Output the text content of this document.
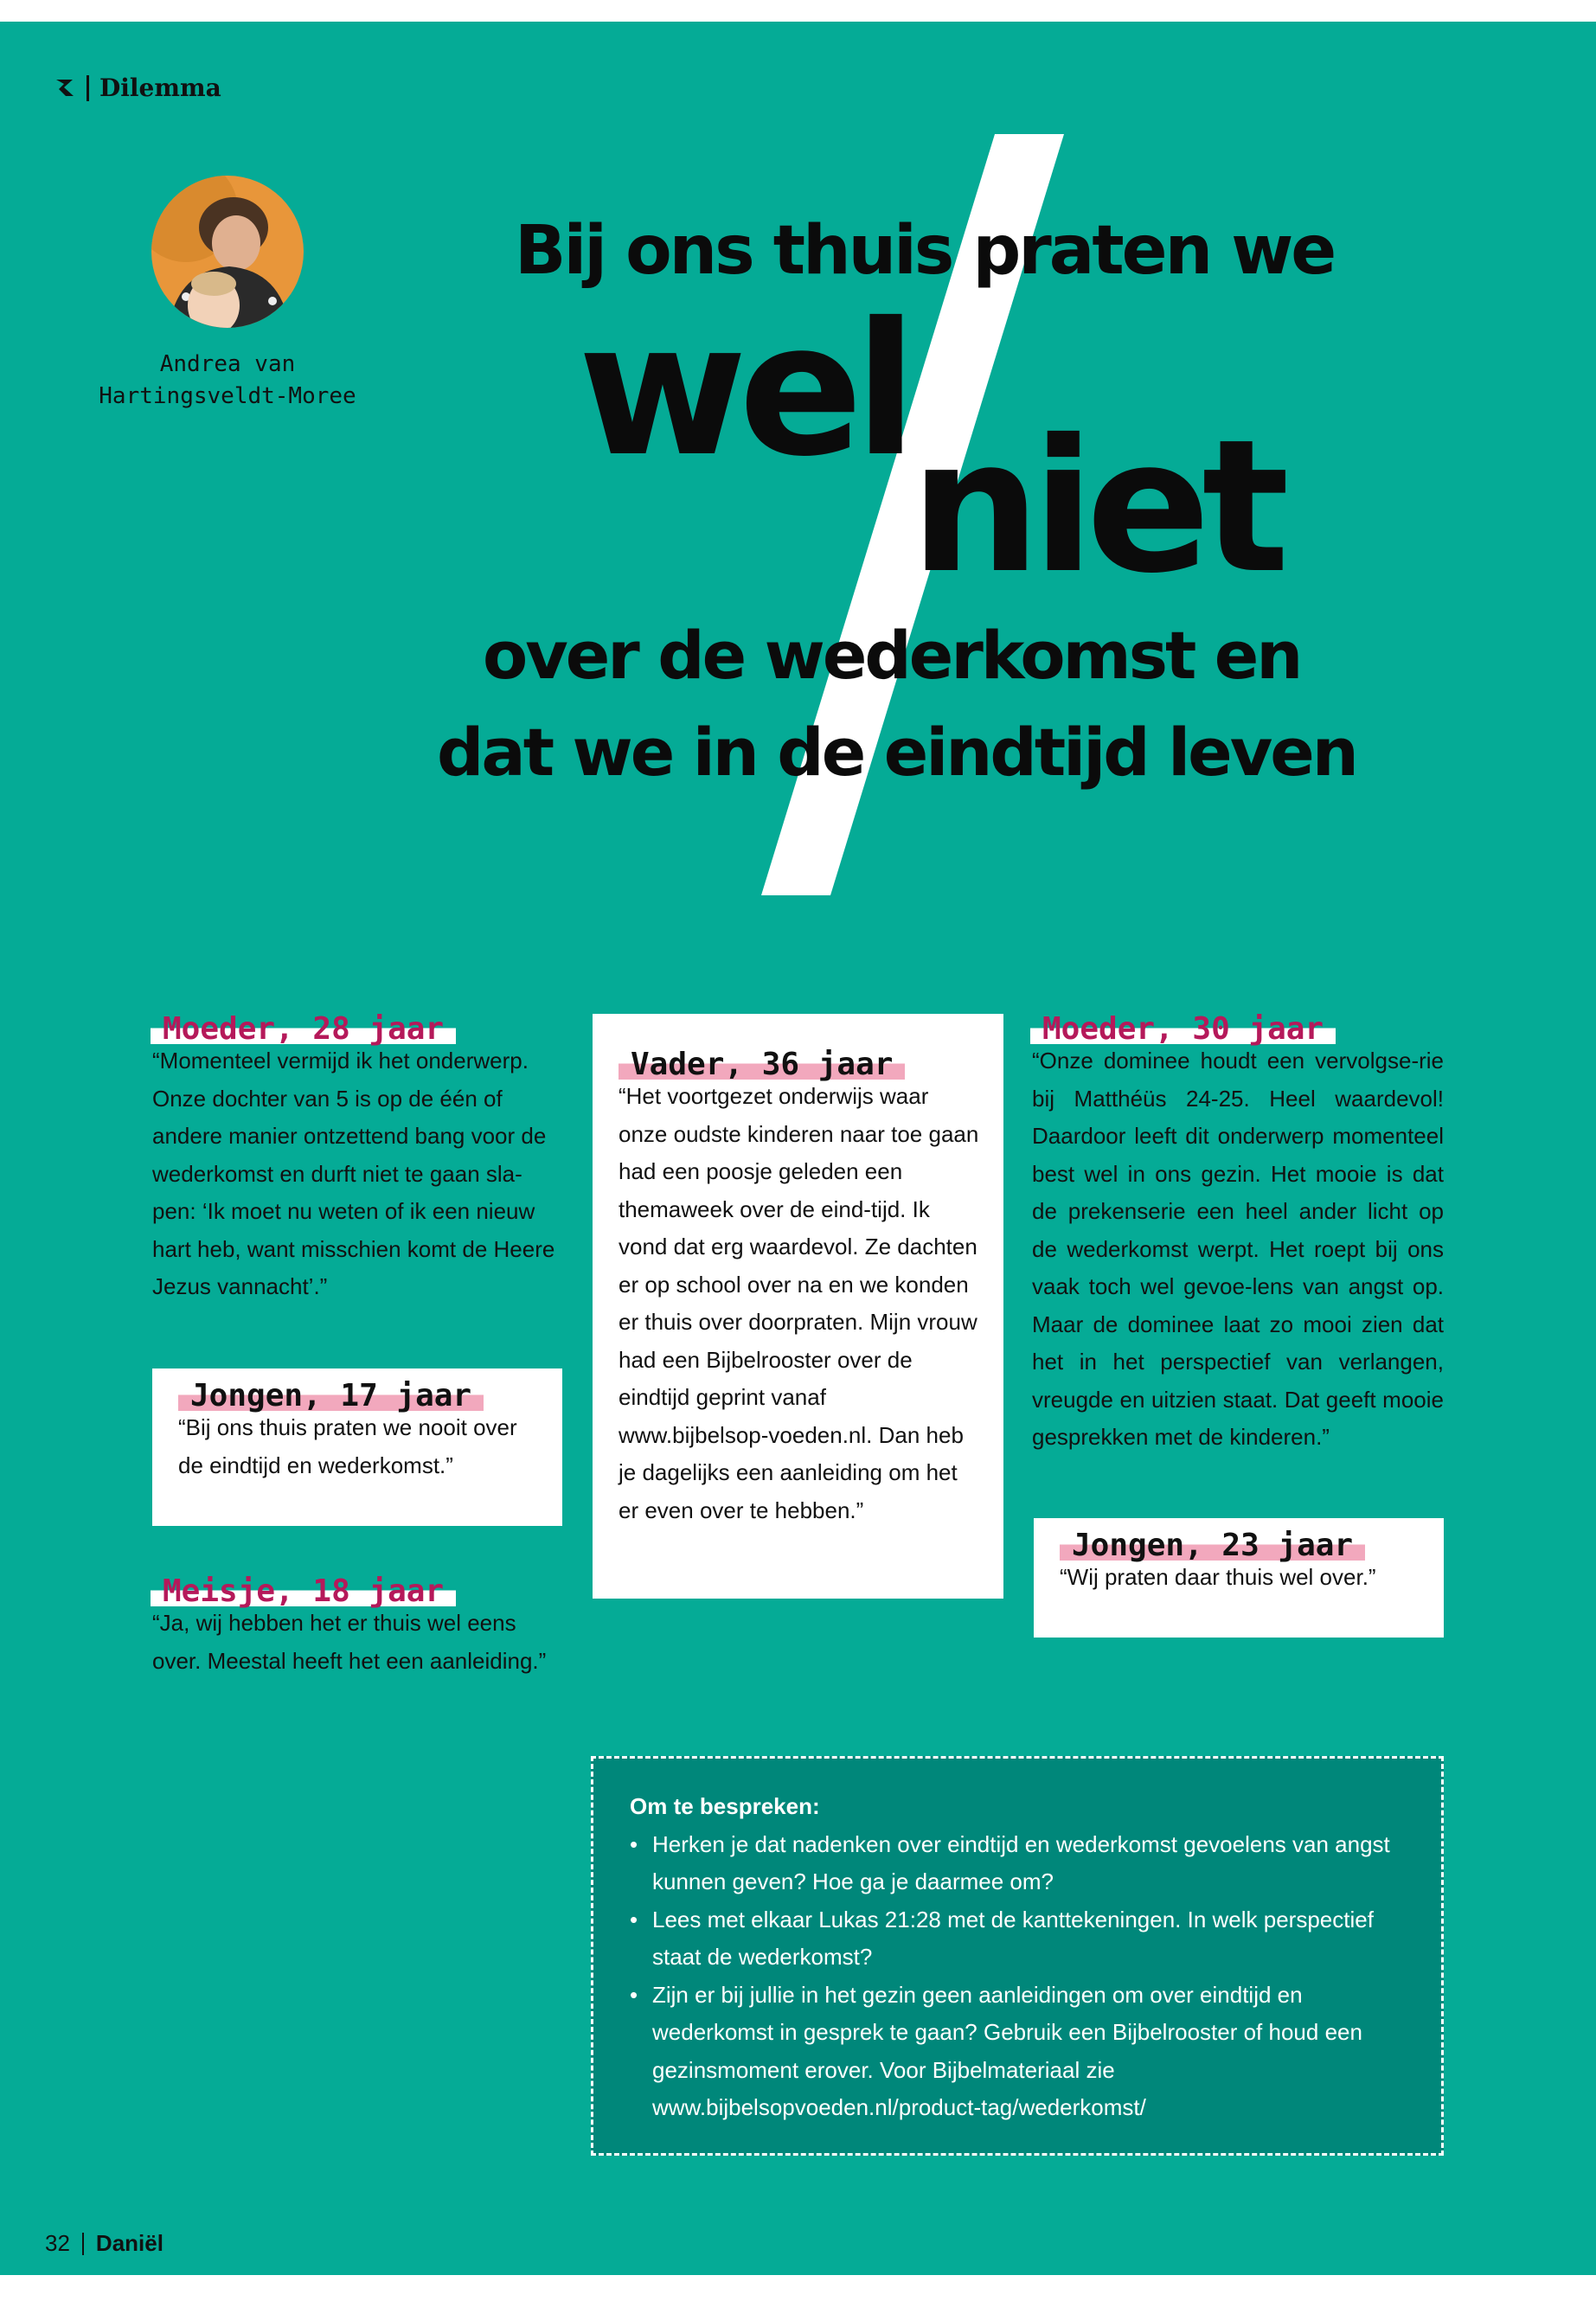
Dilemma
Andrea van Hartingsveldt-Moree
Bij ons thuis praten we
wel
niet
over de wederkomst en
dat we in de eindtijd leven
Moeder, 28 jaar
“Momenteel vermijd ik het onderwerp. Onze dochter van 5 is op de één of andere manier ontzettend bang voor de wederkomst en durft niet te gaan sla-pen: ‘Ik moet nu weten of ik een nieuw hart heb, want misschien komt de Heere Jezus vannacht’.”
Jongen, 17 jaar
“Bij ons thuis praten we nooit over de eindtijd en wederkomst.”
Meisje, 18 jaar
“Ja, wij hebben het er thuis wel eens over. Meestal heeft het een aanleiding.”
Vader, 36 jaar
“Het voortgezet onderwijs waar onze oudste kinderen naar toe gaan had een poosje geleden een themaweek over de eind-tijd. Ik vond dat erg waardevol. Ze dachten er op school over na en we konden er thuis over doorpraten. Mijn vrouw had een Bijbelrooster over de eindtijd geprint vanaf www.bijbelsop-voeden.nl. Dan heb je dagelijks een aanleiding om het er even over te hebben.”
Moeder, 30 jaar
“Onze dominee houdt een vervolgse-rie bij Matthéüs 24-25. Heel waardevol! Daardoor leeft dit onderwerp momenteel best wel in ons gezin. Het mooie is dat de prekenserie een heel ander licht op de wederkomst werpt. Het roept bij ons vaak toch wel gevoe-lens van angst op. Maar de dominee laat zo mooi zien dat het in het perspectief van verlangen, vreugde en uitzien staat. Dat geeft mooie gesprekken met de kinderen.”
Jongen, 23 jaar
“Wij praten daar thuis wel over.”
Om te bespreken:
• Herken je dat nadenken over eindtijd en wederkomst gevoelens van angst kunnen geven? Hoe ga je daarmee om?
• Lees met elkaar Lukas 21:28 met de kanttekeningen. In welk perspectief staat de wederkomst?
• Zijn er bij jullie in het gezin geen aanleidingen om over eindtijd en wederkomst in gesprek te gaan? Gebruik een Bijbelrooster of houd een gezinsmoment erover. Voor Bijbelmateriaal zie www.bijbelsopvoeden.nl/product-tag/wederkomst/
32 Daniël
